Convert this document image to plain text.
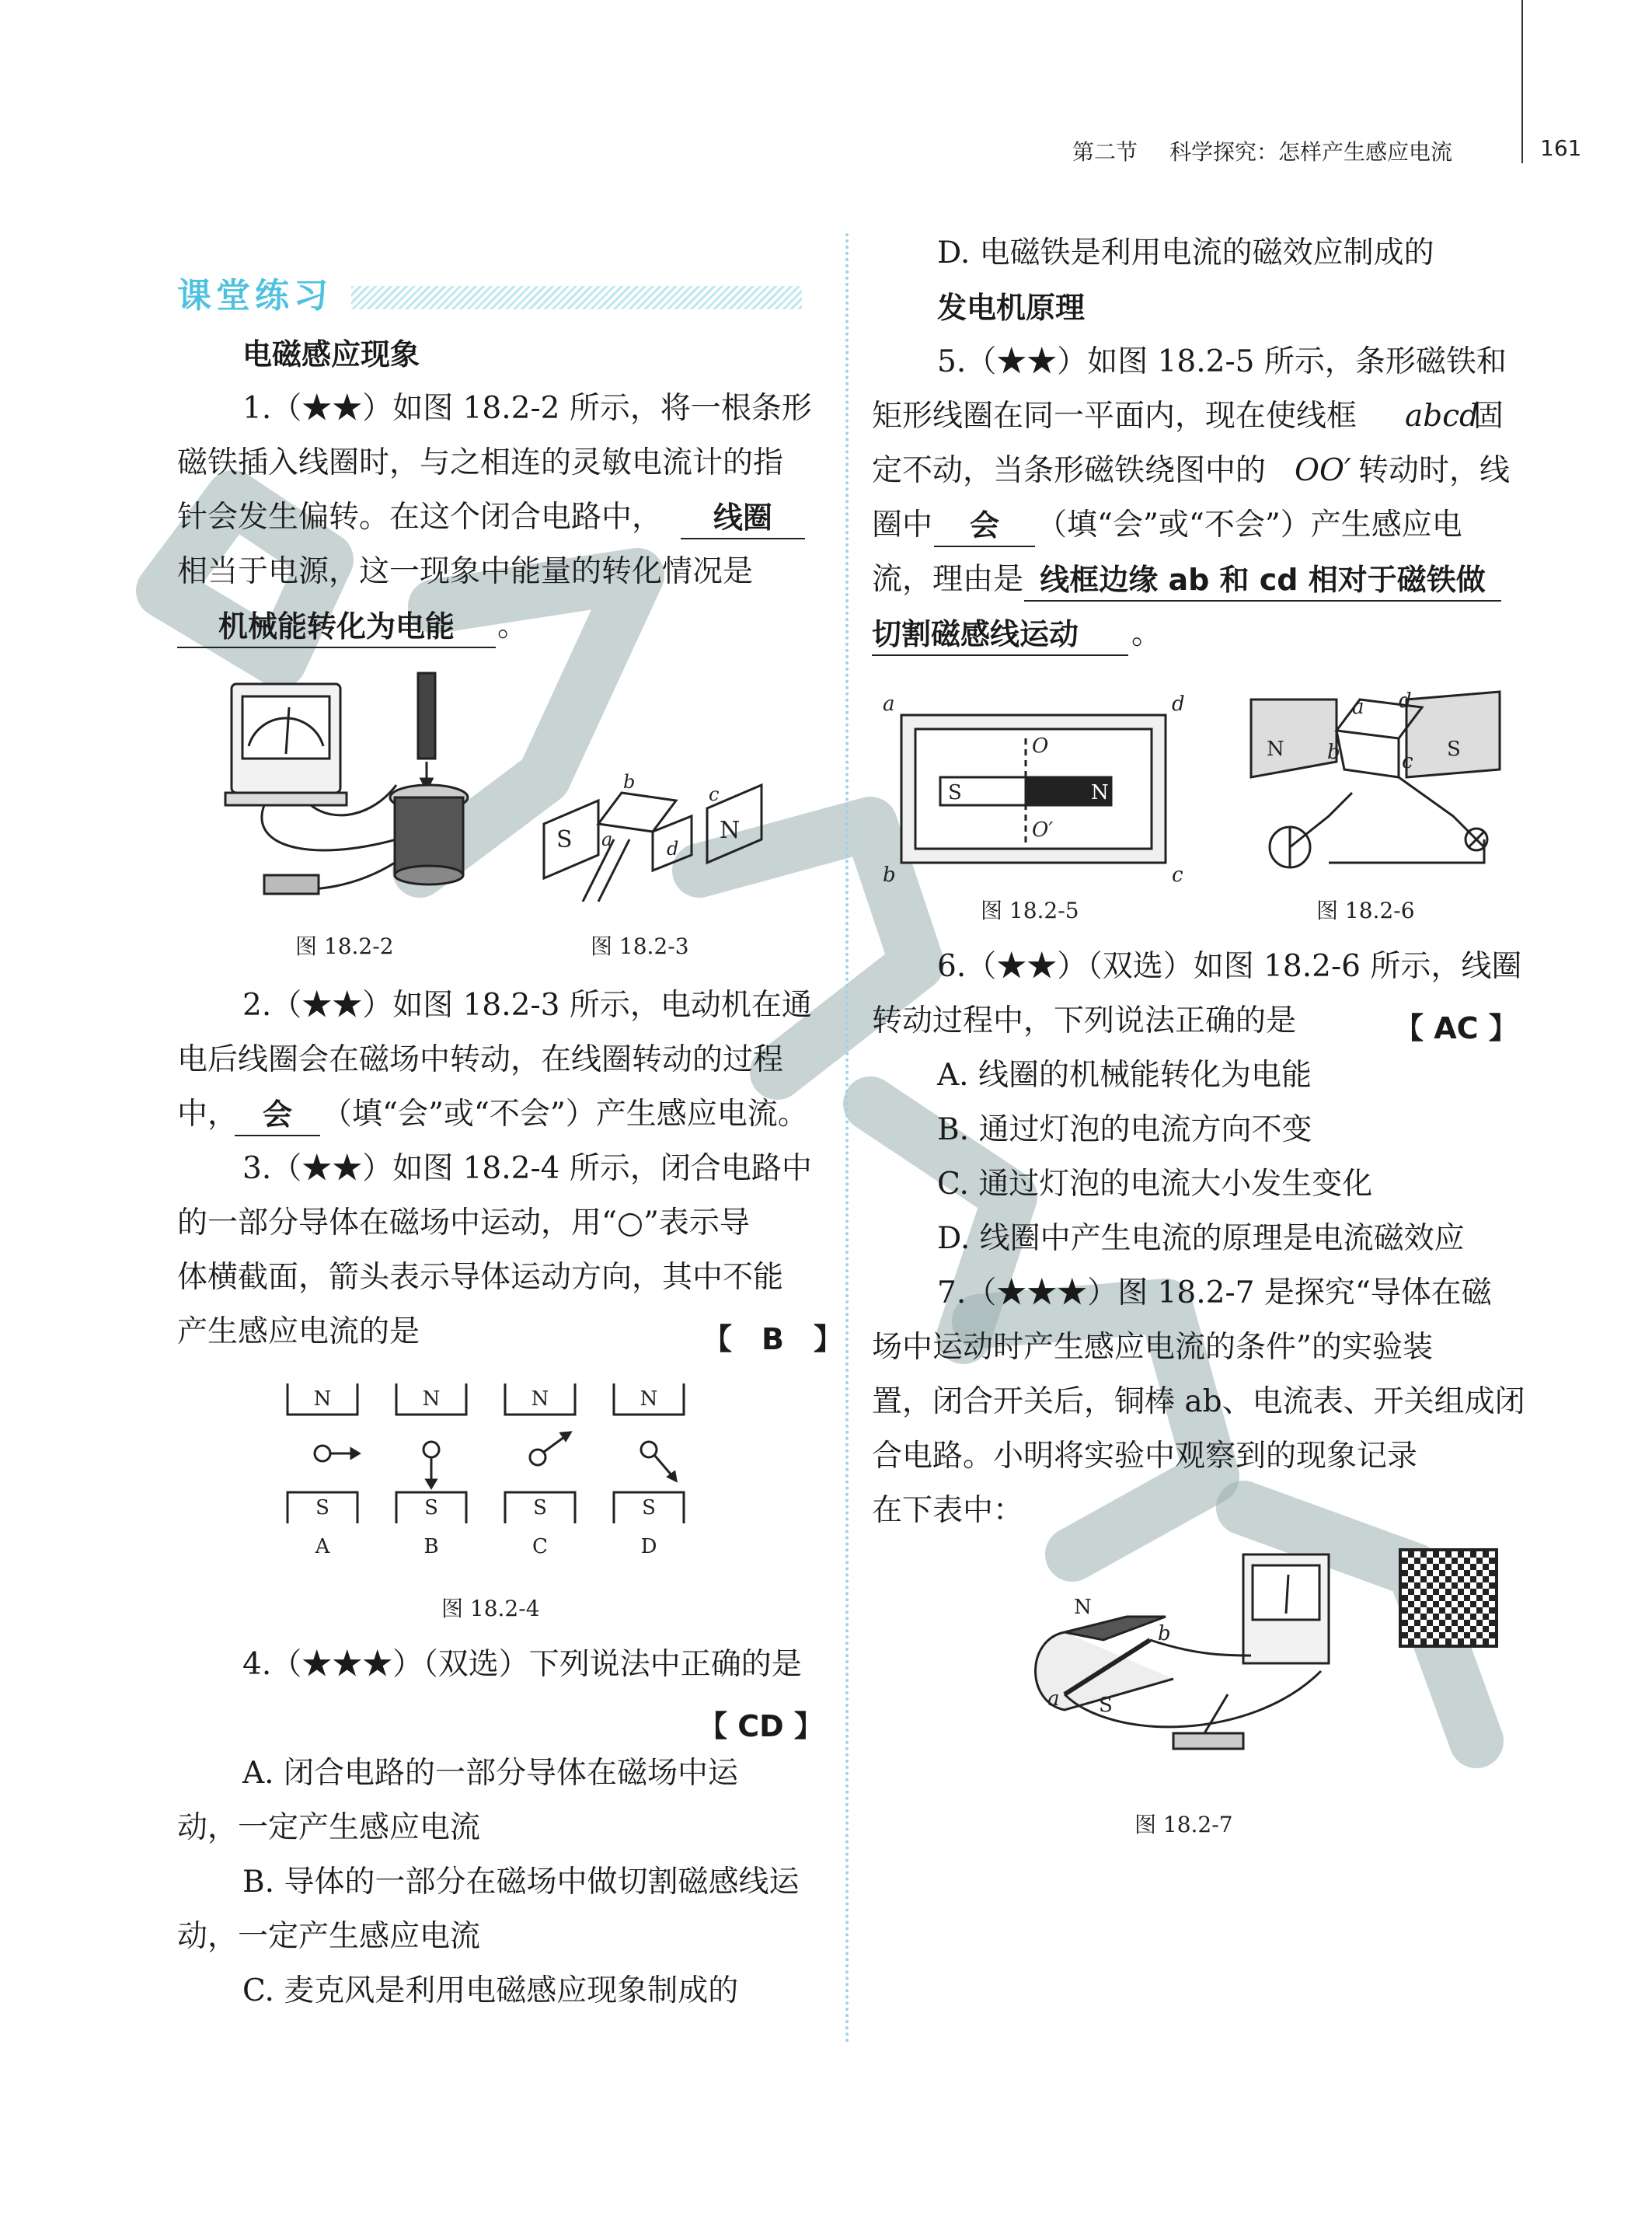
第二节 科学探究：怎样产生感应电流	161
课堂练习
电磁感应现象
1.（★★）如图 18.2-2 所示，将一根条形
磁铁插入线圈时，与之相连的灵敏电流计的指
针会发生偏转。在这个闭合电路中，	线圈
相当于电源，这一现象中能量的转化情况是
机械能转化为电能	。
图 18.2-2
S	N
b
a
c
d
图 18.2-3
2.（★★）如图 18.2-3 所示，电动机在通
电后线圈会在磁场中转动，在线圈转动的过程
中， 会 （填“会”或“不会”）产生感应电流。
3.（★★）如图 18.2-4 所示，闭合电路中
的一部分导体在磁场中运动，用“○”表示导
体横截面，箭头表示导体运动方向，其中不能
产生感应电流的是	【　B　】
N	N	N	N
S	S	S	S
A	B	C	D
图 18.2-4
4.（★★★）（双选）下列说法中正确的是
【 CD 】
A. 闭合电路的一部分导体在磁场中运
动，一定产生感应电流
B. 导体的一部分在磁场中做切割磁感线运
动，一定产生感应电流
C. 麦克风是利用电磁感应现象制成的
D. 电磁铁是利用电流的磁效应制成的
发电机原理
5.（★★）如图 18.2-5 所示，条形磁铁和
矩形线圈在同一平面内，现在使线框 abcd
固
定不动，当条形磁铁绕图中的 OO′ 转动时，线
圈中	会	（填“会”或“不会”）产生感应电
流，理由是 线框边缘 ab 和 cd 相对于磁铁做
切割磁感线运动	。
a	d
b	c
S	N
O
O′
图 18.2-5
N	S
a d
b	c
图 18.2-6
6.（★★）（双选）如图 18.2-6 所示，线圈
转动过程中，下列说法正确的是	【 AC 】
A. 线圈的机械能转化为电能
B. 通过灯泡的电流方向不变
C. 通过灯泡的电流大小发生变化
D. 线圈中产生电流的原理是电流磁效应
7.（★★★）图 18.2-7 是探究“导体在磁
场中运动时产生感应电流的条件”的实验装
置，闭合开关后，铜棒 ab、电流表、开关组成闭
合电路。小明将实验中观察到的现象记录
在下表中：
N
S
b
a
图 18.2-7
